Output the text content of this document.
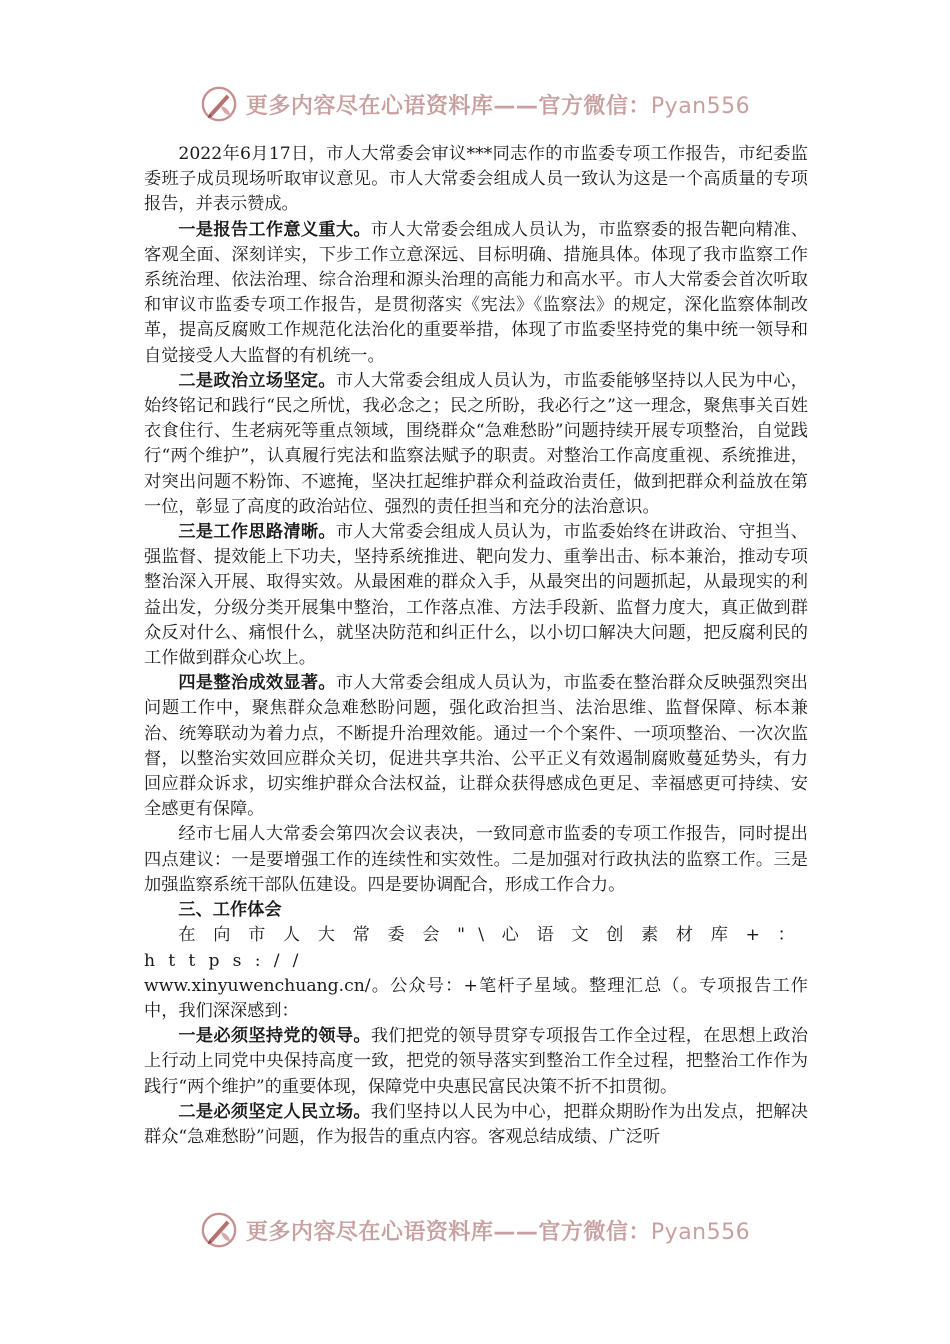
更多内容尽在心语资料库——官方微信：Pyan556

2022年6月17日，市人大常委会审议***同志作的市监委专项工作报告，市纪委监委班子成员现场听取审议意见。市人大常委会组成人员一致认为这是一个高质量的专项报告，并表示赞成。

一是报告工作意义重大。市人大常委会组成人员认为，市监察委的报告靶向精准、客观全面、深刻详实，下步工作立意深远、目标明确、措施具体。体现了我市监察工作系统治理、依法治理、综合治理和源头治理的高能力和高水平。市人大常委会首次听取和审议市监委专项工作报告，是贯彻落实《宪法》《监察法》的规定，深化监察体制改革，提高反腐败工作规范化法治化的重要举措，体现了市监委坚持党的集中统一领导和自觉接受人大监督的有机统一。

二是政治立场坚定。市人大常委会组成人员认为，市监委能够坚持以人民为中心，始终铭记和践行“民之所忧，我必念之；民之所盼，我必行之”这一理念，聚焦事关百姓衣食住行、生老病死等重点领域，围绕群众“急难愁盼”问题持续开展专项整治，自觉践行“两个维护”，认真履行宪法和监察法赋予的职责。对整治工作高度重视、系统推进，对突出问题不粉饰、不遮掩，坚决扛起维护群众利益政治责任，做到把群众利益放在第一位，彰显了高度的政治站位、强烈的责任担当和充分的法治意识。

三是工作思路清晰。市人大常委会组成人员认为，市监委始终在讲政治、守担当、强监督、提效能上下功夫，坚持系统推进、靶向发力、重拳出击、标本兼治，推动专项整治深入开展、取得实效。从最困难的群众入手，从最突出的问题抓起，从最现实的利益出发，分级分类开展集中整治，工作落点准、方法手段新、监督力度大，真正做到群众反对什么、痛恨什么，就坚决防范和纠正什么，以小切口解决大问题，把反腐利民的工作做到群众心坎上。

四是整治成效显著。市人大常委会组成人员认为，市监委在整治群众反映强烈突出问题工作中，聚焦群众急难愁盼问题，强化政治担当、法治思维、监督保障、标本兼治、统筹联动为着力点，不断提升治理效能。通过一个个案件、一项项整治、一次次监督，以整治实效回应群众关切，促进共享共治、公平正义有效遏制腐败蔓延势头，有力回应群众诉求，切实维护群众合法权益，让群众获得感成色更足、幸福感更可持续、安全感更有保障。

经市七届人大常委会第四次会议表决，一致同意市监委的专项工作报告，同时提出四点建议：一是要增强工作的连续性和实效性。二是加强对行政执法的监察工作。三是加强监察系统干部队伍建设。四是要协调配合，形成工作合力。

三、工作体会

在向市人大常委会"\心语文创素材库+：https://

www.xinyuwenchuang.cn/。公众号：+笔杆子星域。整理汇总（。专项报告工作中，我们深深感到：

一是必须坚持党的领导。我们把党的领导贯穿专项报告工作全过程，在思想上政治上行动上同党中央保持高度一致，把党的领导落实到整治工作全过程，把整治工作作为践行“两个维护”的重要体现，保障党中央惠民富民决策不折不扣贯彻。

二是必须坚定人民立场。我们坚持以人民为中心，把群众期盼作为出发点，把解决群众“急难愁盼”问题，作为报告的重点内容。客观总结成绩、广泛听

更多内容尽在心语资料库——官方微信：Pyan556
